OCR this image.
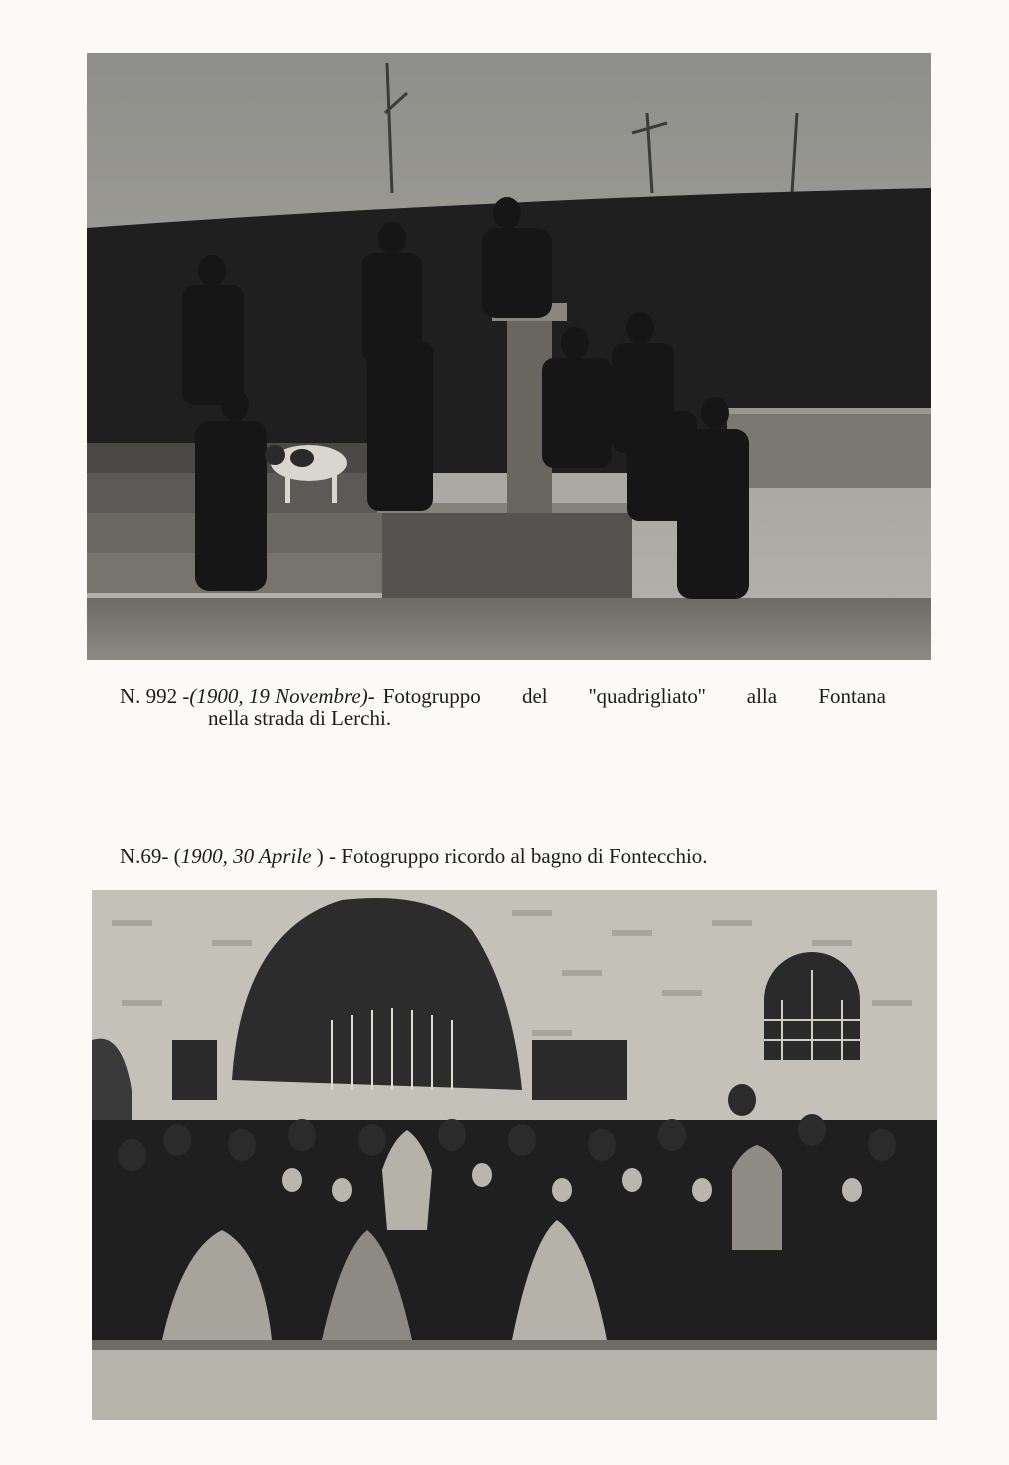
N. 992 - (1900, 19 Novembre) - Fotogruppo del ''quadrigliato'' alla Fontana
nella strada di Lerchi.
N.69- (1900, 30 Aprile ) - Fotogruppo ricordo al bagno di Fontecchio.
